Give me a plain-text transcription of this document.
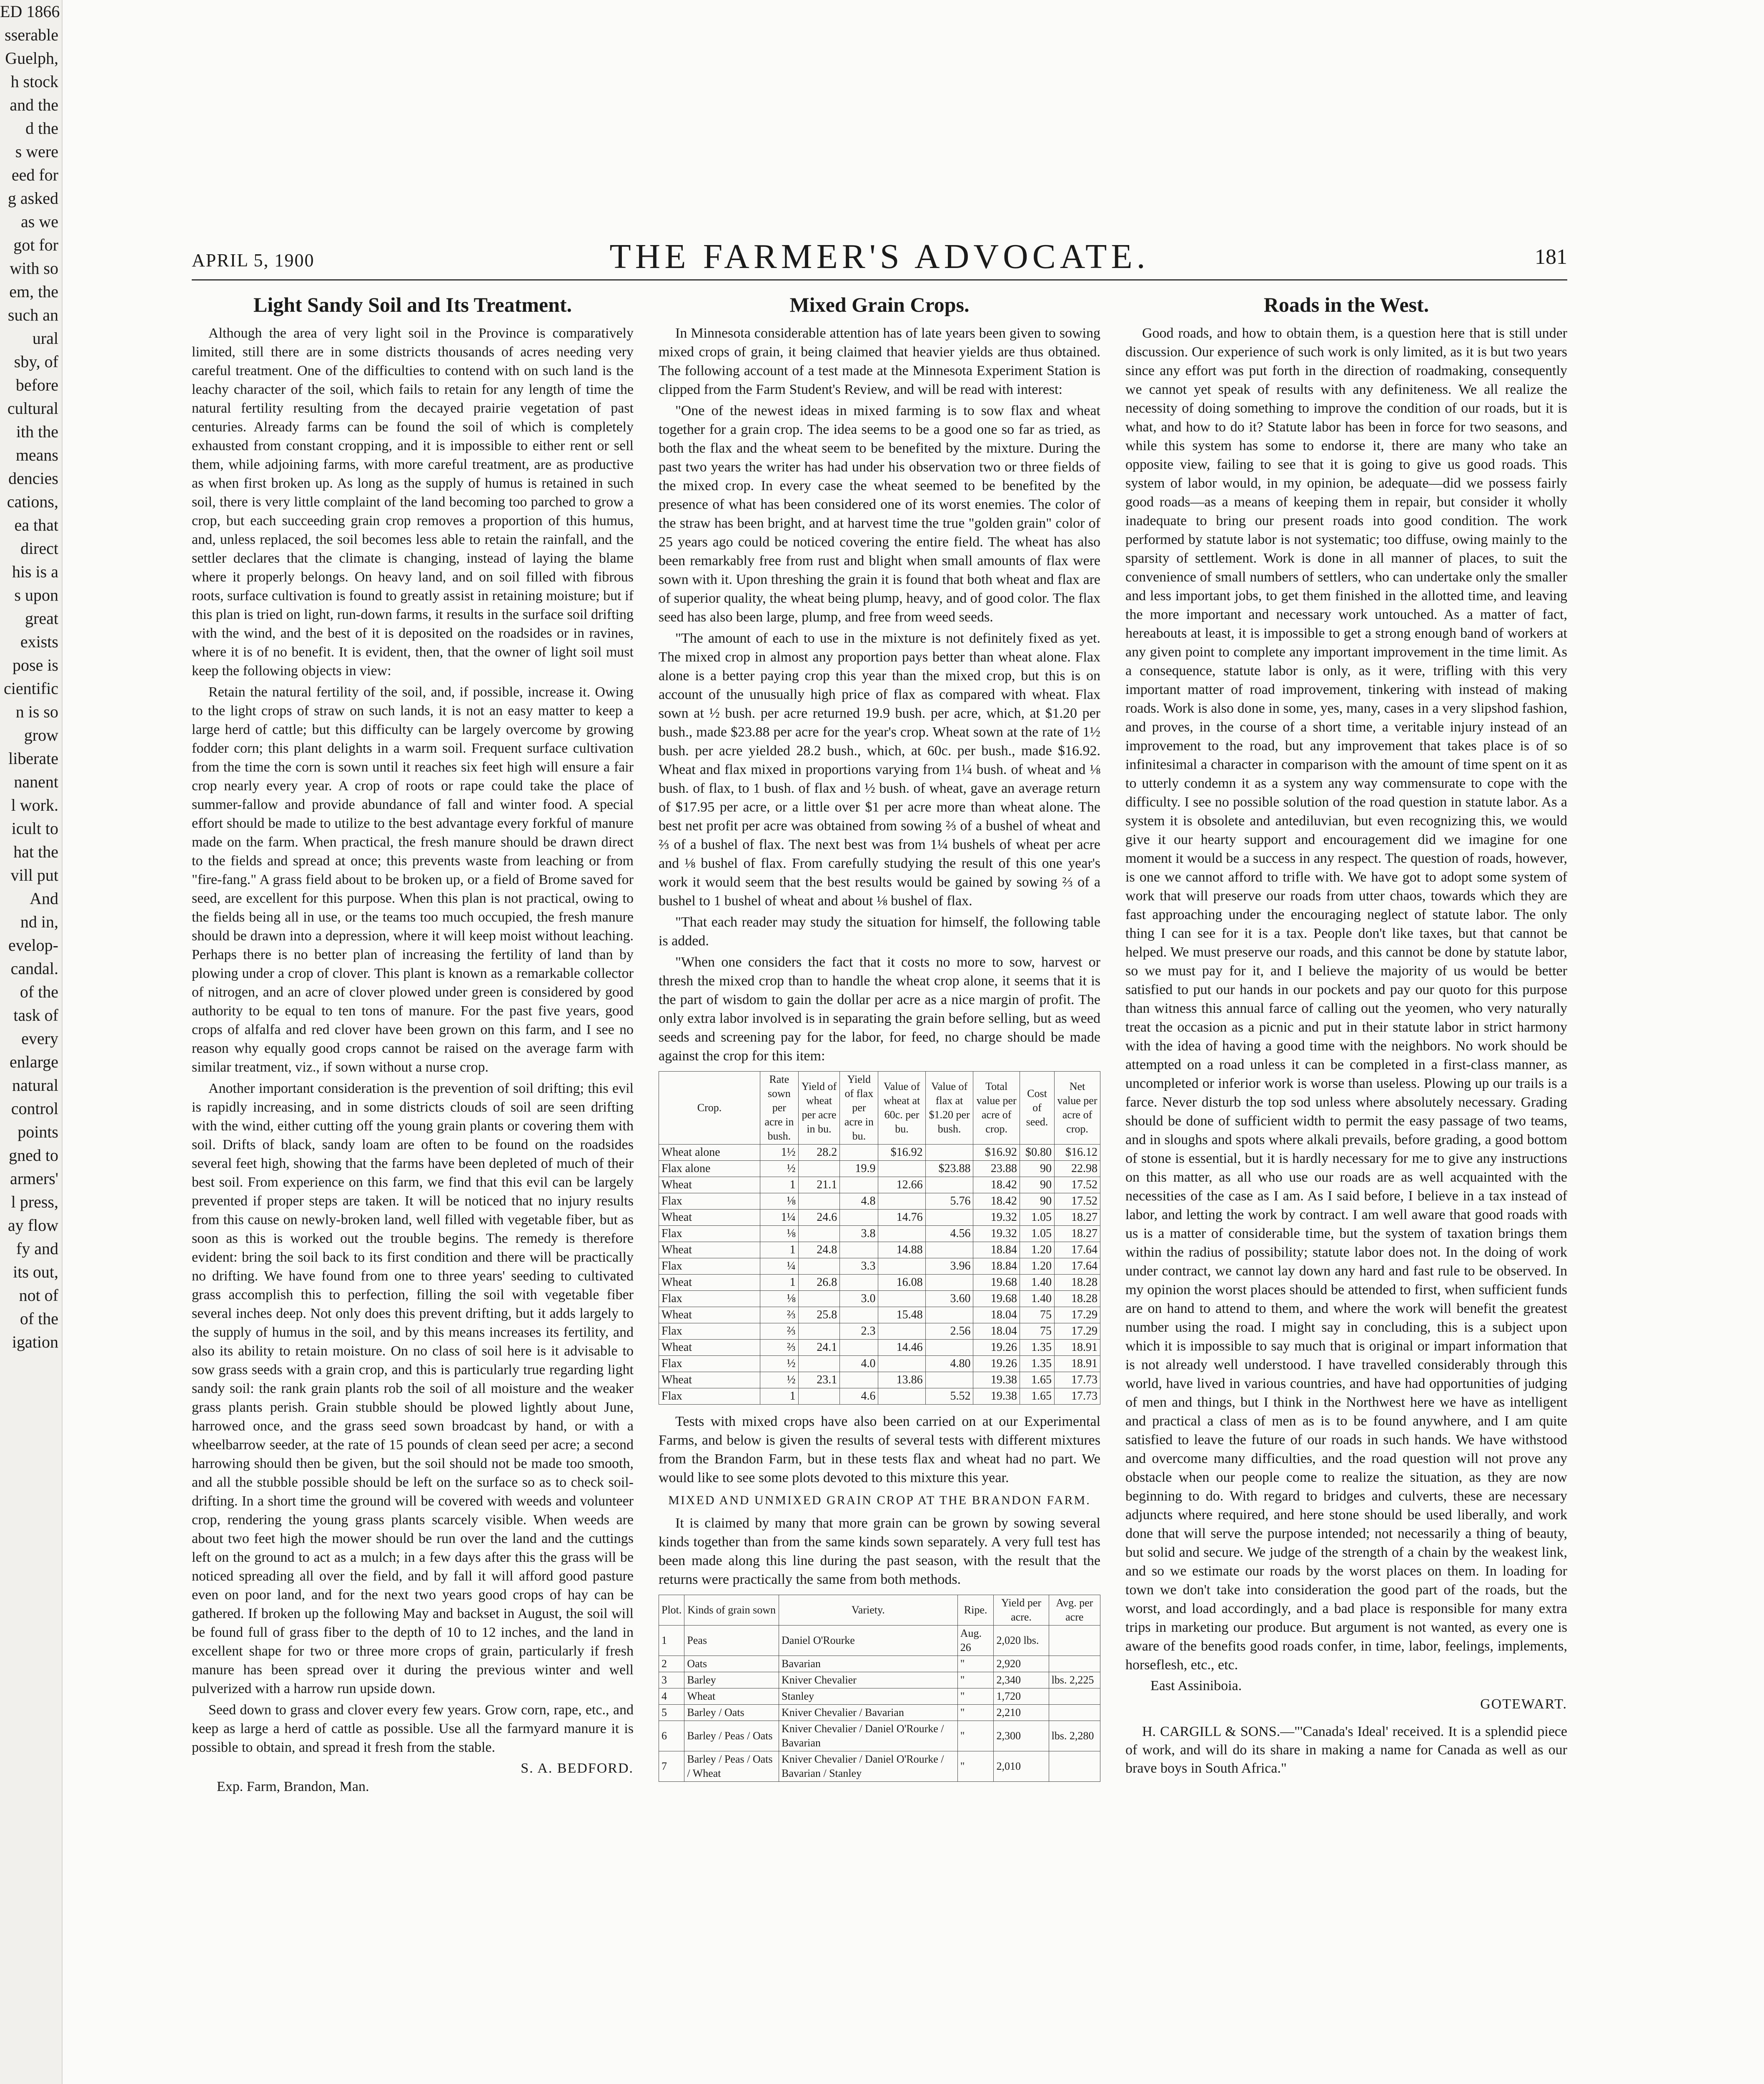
ED 1866
sserable
Guelph,
h stock
and the
d the
s were
eed for
g asked
as we
got for
with so
em, the
such an
ural
sby, of
before
cultural
ith the
means
dencies
cations,
ea that
direct
his is a
s upon
great
exists
pose is
cientific
n is so
grow
liberate
nanent
l work.
icult to
hat the
vill put
And
nd in,
evelop-
candal.
of the
task of
every
enlarge
natural
control
points
gned to
armers'
l press,
ay flow
fy and
its out,
not of
of the
igation
APRIL 5, 1900	THE FARMER'S ADVOCATE.	181
Light Sandy Soil and Its Treatment.

Although the area of very light soil in the Province is comparatively limited, still there are in some districts thousands of acres needing very careful treatment. One of the difficulties to contend with on such land is the leachy character of the soil, which fails to retain for any length of time the natural fertility resulting from the decayed prairie vegetation of past centuries. Already farms can be found the soil of which is completely exhausted from constant cropping, and it is impossible to either rent or sell them, while adjoining farms, with more careful treatment, are as productive as when first broken up. As long as the supply of humus is retained in such soil, there is very little complaint of the land becoming too parched to grow a crop, but each succeeding grain crop removes a proportion of this humus, and, unless replaced, the soil becomes less able to retain the rainfall, and the settler declares that the climate is changing, instead of laying the blame where it properly belongs. On heavy land, and on soil filled with fibrous roots, surface cultivation is found to greatly assist in retaining moisture; but if this plan is tried on light, run-down farms, it results in the surface soil drifting with the wind, and the best of it is deposited on the roadsides or in ravines, where it is of no benefit. It is evident, then, that the owner of light soil must keep the following objects in view:

Retain the natural fertility of the soil, and, if possible, increase it. Owing to the light crops of straw on such lands, it is not an easy matter to keep a large herd of cattle; but this difficulty can be largely overcome by growing fodder corn; this plant delights in a warm soil. Frequent surface cultivation from the time the corn is sown until it reaches six feet high will ensure a fair crop nearly every year. A crop of roots or rape could take the place of summer-fallow and provide abundance of fall and winter food. A special effort should be made to utilize to the best advantage every forkful of manure made on the farm. When practical, the fresh manure should be drawn direct to the fields and spread at once; this prevents waste from leaching or from "fire-fang." A grass field about to be broken up, or a field of Brome saved for seed, are excellent for this purpose. When this plan is not practical, owing to the fields being all in use, or the teams too much occupied, the fresh manure should be drawn into a depression, where it will keep moist without leaching. Perhaps there is no better plan of increasing the fertility of land than by plowing under a crop of clover. This plant is known as a remarkable collector of nitrogen, and an acre of clover plowed under green is considered by good authority to be equal to ten tons of manure. For the past five years, good crops of alfalfa and red clover have been grown on this farm, and I see no reason why equally good crops cannot be raised on the average farm with similar treatment, viz., if sown without a nurse crop.

Another important consideration is the prevention of soil drifting; this evil is rapidly increasing, and in some districts clouds of soil are seen drifting with the wind, either cutting off the young grain plants or covering them with soil. Drifts of black, sandy loam are often to be found on the roadsides several feet high, showing that the farms have been depleted of much of their best soil. From experience on this farm, we find that this evil can be largely prevented if proper steps are taken. It will be noticed that no injury results from this cause on newly-broken land, well filled with vegetable fiber, but as soon as this is worked out the trouble begins. The remedy is therefore evident: bring the soil back to its first condition and there will be practically no drifting. We have found from one to three years' seeding to cultivated grass accomplish this to perfection, filling the soil with vegetable fiber several inches deep. Not only does this prevent drifting, but it adds largely to the supply of humus in the soil, and by this means increases its fertility, and also its ability to retain moisture. On no class of soil here is it advisable to sow grass seeds with a grain crop, and this is particularly true regarding light sandy soil: the rank grain plants rob the soil of all moisture and the weaker grass plants perish. Grain stubble should be plowed lightly about June, harrowed once, and the grass seed sown broadcast by hand, or with a wheelbarrow seeder, at the rate of 15 pounds of clean seed per acre; a second harrowing should then be given, but the soil should not be made too smooth, and all the stubble possible should be left on the surface so as to check soil-drifting. In a short time the ground will be covered with weeds and volunteer crop, rendering the young grass plants scarcely visible. When weeds are about two feet high the mower should be run over the land and the cuttings left on the ground to act as a mulch; in a few days after this the grass will be noticed spreading all over the field, and by fall it will afford good pasture even on poor land, and for the next two years good crops of hay can be gathered. If broken up the following May and backset in August, the soil will be found full of grass fiber to the depth of 10 to 12 inches, and the land in excellent shape for two or three more crops of grain, particularly if fresh manure has been spread over it during the previous winter and well pulverized with a harrow run upside down.

Seed down to grass and clover every few years. Grow corn, rape, etc., and keep as large a herd of cattle as possible. Use all the farmyard manure it is possible to obtain, and spread it fresh from the stable.

S. A. BEDFORD.
Exp. Farm, Brandon, Man.
Mixed Grain Crops.

In Minnesota considerable attention has of late years been given to sowing mixed crops of grain, it being claimed that heavier yields are thus obtained. The following account of a test made at the Minnesota Experiment Station is clipped from the Farm Student's Review, and will be read with interest:

"One of the newest ideas in mixed farming is to sow flax and wheat together for a grain crop. The idea seems to be a good one so far as tried, as both the flax and the wheat seem to be benefited by the mixture. During the past two years the writer has had under his observation two or three fields of the mixed crop. In every case the wheat seemed to be benefited by the presence of what has been considered one of its worst enemies. The color of the straw has been bright, and at harvest time the true "golden grain" color of 25 years ago could be noticed covering the entire field. The wheat has also been remarkably free from rust and blight when small amounts of flax were sown with it. Upon threshing the grain it is found that both wheat and flax are of superior quality, the wheat being plump, heavy, and of good color. The flax seed has also been large, plump, and free from weed seeds.

"The amount of each to use in the mixture is not definitely fixed as yet. The mixed crop in almost any proportion pays better than wheat alone. Flax alone is a better paying crop this year than the mixed crop, but this is on account of the unusually high price of flax as compared with wheat. Flax sown at ½ bush. per acre returned 19.9 bush. per acre, which, at $1.20 per bush., made $23.88 per acre for the year's crop. Wheat sown at the rate of 1½ bush. per acre yielded 28.2 bush., which, at 60c. per bush., made $16.92. Wheat and flax mixed in proportions varying from 1¼ bush. of wheat and ⅛ bush. of flax, to 1 bush. of flax and ½ bush. of wheat, gave an average return of $17.95 per acre, or a little over $1 per acre more than wheat alone. The best net profit per acre was obtained from sowing ⅔ of a bushel of wheat and ⅔ of a bushel of flax. The next best was from 1¼ bushels of wheat per acre and ⅛ bushel of flax. From carefully studying the result of this one year's work it would seem that the best results would be gained by sowing ⅔ of a bushel to 1 bushel of wheat and about ⅛ bushel of flax.

"That each reader may study the situation for himself, the following table is added.

"When one considers the fact that it costs no more to sow, harvest or thresh the mixed crop than to handle the wheat crop alone, it seems that it is the part of wisdom to gain the dollar per acre as a nice margin of profit. The only extra labor involved is in separating the grain before selling, but as weed seeds and screening pay for the labor, for feed, no charge should be made against the crop for this item:

Crop.	Rate sown per acre in bush.	Yield of wheat per acre in bu.	Yield of flax per acre in bu.	Value of wheat at 60c. per bu.	Value of flax at $1.20 per bush.	Total value per acre of crop.	Cost of seed.	Net value per acre of crop.
Wheat alone	1½	28.2		$16.92		$16.92	$0.80	$16.12
Flax alone	½		19.9		$23.88	23.88	90	22.98
Wheat	1	21.1		12.66		18.42	90	17.52
Flax	⅛		4.8		5.76	18.42	90	17.52
Wheat	1¼	24.6		14.76		19.32	1.05	18.27
Flax	⅛		3.8		4.56	19.32	1.05	18.27
Wheat	1	24.8		14.88		18.84	1.20	17.64
Flax	¼		3.3		3.96	18.84	1.20	17.64
Wheat	1	26.8		16.08		19.68	1.40	18.28
Flax	⅛		3.0		3.60	19.68	1.40	18.28
Wheat	⅔	25.8		15.48		18.04	75	17.29
Flax	⅔		2.3		2.56	18.04	75	17.29
Wheat	⅔	24.1		14.46		19.26	1.35	18.91
Flax	½		4.0		4.80	19.26	1.35	18.91
Wheat	½	23.1		13.86		19.38	1.65	17.73
Flax	1		4.6		5.52	19.38	1.65	17.73

Tests with mixed crops have also been carried on at our Experimental Farms, and below is given the results of several tests with different mixtures from the Brandon Farm, but in these tests flax and wheat had no part. We would like to see some plots devoted to this mixture this year.

MIXED AND UNMIXED GRAIN CROP AT THE BRANDON FARM.

It is claimed by many that more grain can be grown by sowing several kinds together than from the same kinds sown separately. A very full test has been made along this line during the past season, with the result that the returns were practically the same from both methods.

Plot.	Kinds of grain sown	Variety.	Ripe.	Yield per acre.	Avg. per acre
1	Peas	Daniel O'Rourke	Aug. 26	2,020 lbs.	
2	Oats	Bavarian	"	2,920	
3	Barley	Kniver Chevalier	"	2,340	lbs. 2,225
4	Wheat	Stanley	"	1,720	
5	Barley / Oats	Kniver Chevalier / Bavarian	"	2,210	
6	Barley / Peas / Oats	Kniver Chevalier / Daniel O'Rourke / Bavarian	"	2,300	lbs. 2,280
7	Barley / Peas / Oats / Wheat	Kniver Chevalier / Daniel O'Rourke / Bavarian / Stanley	"	2,010	
Roads in the West.

Good roads, and how to obtain them, is a question here that is still under discussion. Our experience of such work is only limited, as it is but two years since any effort was put forth in the direction of roadmaking, consequently we cannot yet speak of results with any definiteness. We all realize the necessity of doing something to improve the condition of our roads, but it is what, and how to do it? Statute labor has been in force for two seasons, and while this system has some to endorse it, there are many who take an opposite view, failing to see that it is going to give us good roads. This system of labor would, in my opinion, be adequate—did we possess fairly good roads—as a means of keeping them in repair, but consider it wholly inadequate to bring our present roads into good condition. The work performed by statute labor is not systematic; too diffuse, owing mainly to the sparsity of settlement. Work is done in all manner of places, to suit the convenience of small numbers of settlers, who can undertake only the smaller and less important jobs, to get them finished in the allotted time, and leaving the more important and necessary work untouched. As a matter of fact, hereabouts at least, it is impossible to get a strong enough band of workers at any given point to complete any important improvement in the time limit. As a consequence, statute labor is only, as it were, trifling with this very important matter of road improvement, tinkering with instead of making roads. Work is also done in some, yes, many, cases in a very slipshod fashion, and proves, in the course of a short time, a veritable injury instead of an improvement to the road, but any improvement that takes place is of so infinitesimal a character in comparison with the amount of time spent on it as to utterly condemn it as a system any way commensurate to cope with the difficulty. I see no possible solution of the road question in statute labor. As a system it is obsolete and antediluvian, but even recognizing this, we would give it our hearty support and encouragement did we imagine for one moment it would be a success in any respect. The question of roads, however, is one we cannot afford to trifle with. We have got to adopt some system of work that will preserve our roads from utter chaos, towards which they are fast approaching under the encouraging neglect of statute labor. The only thing I can see for it is a tax. People don't like taxes, but that cannot be helped. We must preserve our roads, and this cannot be done by statute labor, so we must pay for it, and I believe the majority of us would be better satisfied to put our hands in our pockets and pay our quoto for this purpose than witness this annual farce of calling out the yeomen, who very naturally treat the occasion as a picnic and put in their statute labor in strict harmony with the idea of having a good time with the neighbors. No work should be attempted on a road unless it can be completed in a first-class manner, as uncompleted or inferior work is worse than useless. Plowing up our trails is a farce. Never disturb the top sod unless where absolutely necessary. Grading should be done of sufficient width to permit the easy passage of two teams, and in sloughs and spots where alkali prevails, before grading, a good bottom of stone is essential, but it is hardly necessary for me to give any instructions on this matter, as all who use our roads are as well acquainted with the necessities of the case as I am. As I said before, I believe in a tax instead of labor, and letting the work by contract. I am well aware that good roads with us is a matter of considerable time, but the system of taxation brings them within the radius of possibility; statute labor does not. In the doing of work under contract, we cannot lay down any hard and fast rule to be observed. In my opinion the worst places should be attended to first, when sufficient funds are on hand to attend to them, and where the work will benefit the greatest number using the road. I might say in concluding, this is a subject upon which it is impossible to say much that is original or impart information that is not already well understood. I have travelled considerably through this world, have lived in various countries, and have had opportunities of judging of men and things, but I think in the Northwest here we have as intelligent and practical a class of men as is to be found anywhere, and I am quite satisfied to leave the future of our roads in such hands. We have withstood and overcome many difficulties, and the road question will not prove any obstacle when our people come to realize the situation, as they are now beginning to do. With regard to bridges and culverts, these are necessary adjuncts where required, and here stone should be used liberally, and work done that will serve the purpose intended; not necessarily a thing of beauty, but solid and secure. We judge of the strength of a chain by the weakest link, and so we estimate our roads by the worst places on them. In loading for town we don't take into consideration the good part of the roads, but the worst, and load accordingly, and a bad place is responsible for many extra trips in marketing our produce. But argument is not wanted, as every one is aware of the benefits good roads confer, in time, labor, feelings, implements, horseflesh, etc., etc.

East Assiniboia.
GOTEWART.
H. CARGILL & SONS.—"'Canada's Ideal' received. It is a splendid piece of work, and will do its share in making a name for Canada as well as our brave boys in South Africa."
